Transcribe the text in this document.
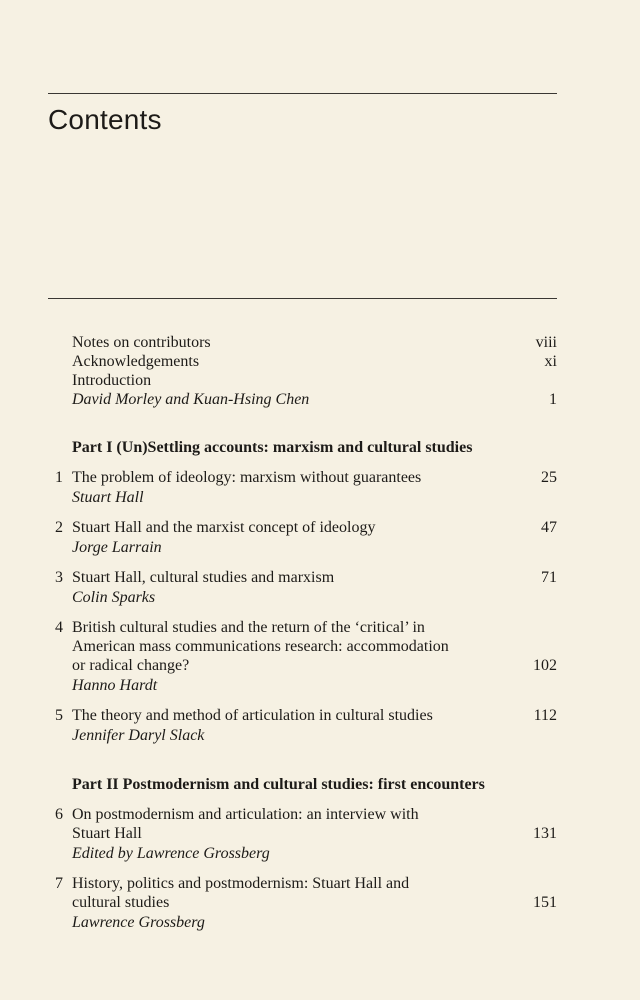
Contents
Notes on contributors	viii
Acknowledgements	xi
Introduction
David Morley and Kuan-Hsing Chen	1
Part I (Un)Settling accounts: marxism and cultural studies
1 The problem of ideology: marxism without guarantees	25
Stuart Hall
2 Stuart Hall and the marxist concept of ideology	47
Jorge Larrain
3 Stuart Hall, cultural studies and marxism	71
Colin Sparks
4 British cultural studies and the return of the ‘critical’ in
American mass communications research: accommodation
or radical change?	102
Hanno Hardt
5 The theory and method of articulation in cultural studies	112
Jennifer Daryl Slack
Part II Postmodernism and cultural studies: first encounters
6 On postmodernism and articulation: an interview with
Stuart Hall	131
Edited by Lawrence Grossberg
7 History, politics and postmodernism: Stuart Hall and
cultural studies	151
Lawrence Grossberg
